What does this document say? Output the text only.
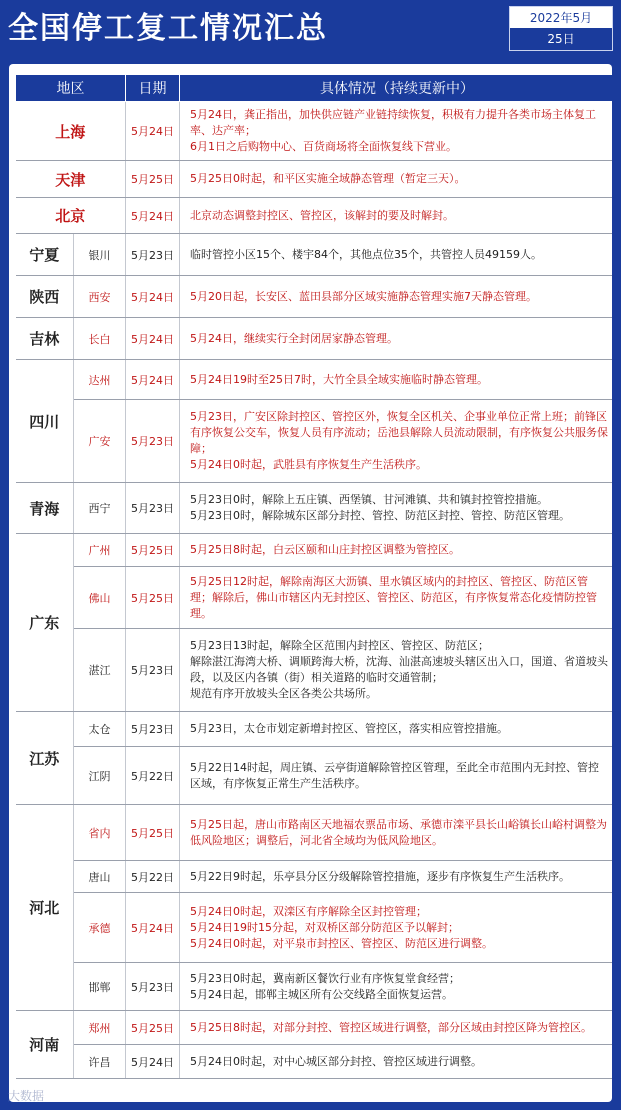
全国停工复工情况汇总	2022年5月
25日
地区		日期	具体情况（持续更新中）
上海		5月24日	5月24日，龚正指出，加快供应链产业链持续恢复，积极有力提升各类市场主体复工率、达产率；
6月1日之后购物中心、百货商场将全面恢复线下营业。
天津		5月25日	5月25日0时起，和平区实施全域静态管理（暂定三天）。
北京		5月24日	北京动态调整封控区、管控区，该解封的要及时解封。
宁夏	银川	5月23日	临时管控小区15个、楼宇84个，其他点位35个，共管控人员49159人。
陕西	西安	5月24日	5月20日起，长安区、蓝田县部分区域实施静态管理实施7天静态管理。
吉林	长白	5月24日	5月24日，继续实行全封闭居家静态管理。
四川	达州	5月24日	5月24日19时至25日7时，大竹全县全域实施临时静态管理。
	广安	5月23日	5月23日，广安区除封控区、管控区外，恢复全区机关、企事业单位正常上班；前锋区有序恢复公交车，恢复人员有序流动；岳池县解除人员流动限制，有序恢复公共服务保障；
5月24日0时起，武胜县有序恢复生产生活秩序。
青海	西宁	5月23日	5月23日0时，解除上五庄镇、西堡镇、甘河滩镇、共和镇封控管控措施。
5月23日0时，解除城东区部分封控、管控、防范区封控、管控、防范区管理。
广东	广州	5月25日	5月25日8时起，白云区颐和山庄封控区调整为管控区。
	佛山	5月25日	5月25日12时起，解除南海区大沥镇、里水镇区域内的封控区、管控区、防范区管理；解除后，佛山市辖区内无封控区、管控区、防范区，有序恢复常态化疫情防控管理。
	湛江	5月23日	5月23日13时起，解除全区范围内封控区、管控区、防范区；
解除湛江海湾大桥、调顺跨海大桥，沈海、汕湛高速坡头辖区出入口，国道、省道坡头段，以及区内各镇（街）相关道路的临时交通管制；
规范有序开放坡头全区各类公共场所。
江苏	太仓	5月23日	5月23日，太仓市划定新增封控区、管控区，落实相应管控措施。
	江阴	5月22日	5月22日14时起，周庄镇、云亭街道解除管控区管理，至此全市范围内无封控、管控区域，有序恢复正常生产生活秩序。
河北	省内	5月25日	5月25日起，唐山市路南区天地福农票品市场、承德市滦平县长山峪镇长山峪村调整为低风险地区；调整后，河北省全域均为低风险地区。
	唐山	5月22日	5月22日9时起，乐亭县分区分级解除管控措施，逐步有序恢复生产生活秩序。
	承德	5月24日	5月24日0时起，双滦区有序解除全区封控管理；
5月24日19时15分起，对双桥区部分防范区予以解封；
5月24日0时起，对平泉市封控区、管控区、防范区进行调整。
	邯郸	5月23日	5月23日0时起，冀南新区餐饮行业有序恢复堂食经营；
5月24日起，邯郸主城区所有公交线路全面恢复运营。
河南	郑州	5月25日	5月25日8时起，对部分封控、管控区域进行调整，部分区域由封控区降为管控区。
	许昌	5月24日	5月24日0时起，对中心城区部分封控、管控区域进行调整。
大数据
